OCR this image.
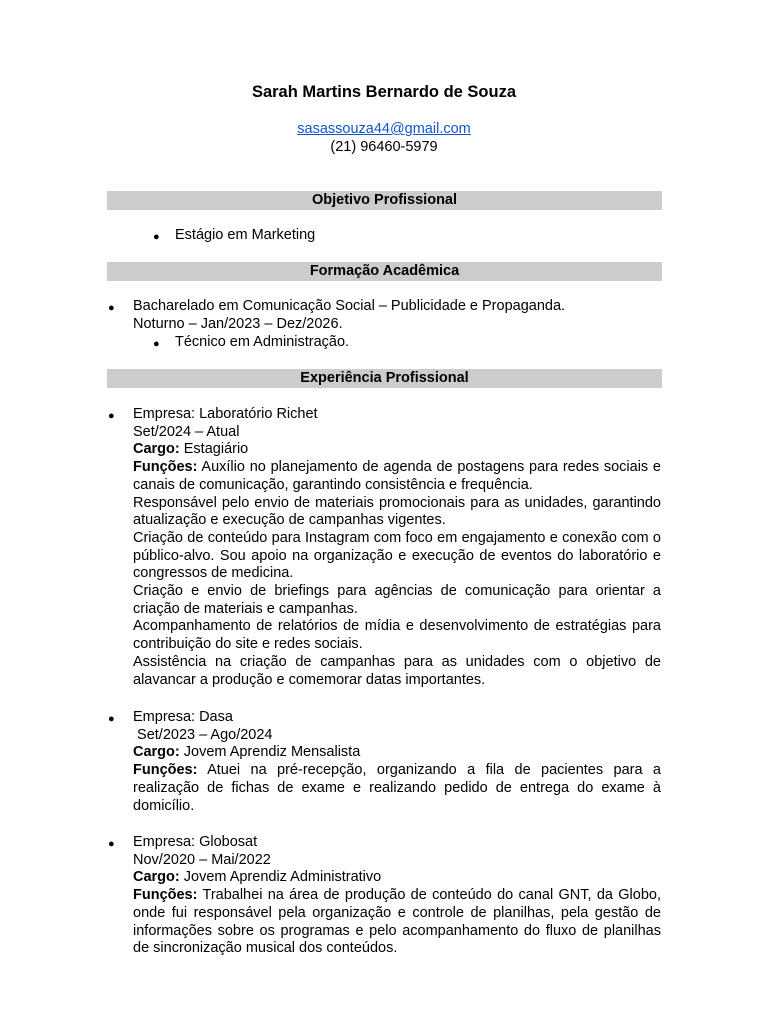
Sarah Martins Bernardo de Souza
sasassouza44@gmail.com
(21) 96460-5979
Objetivo Profissional
● Estágio em Marketing
Formação Acadêmica
● Bacharelado em Comunicação Social – Publicidade e Propaganda.
Noturno – Jan/2023 – Dez/2026.
● Técnico em Administração.
Experiência Profissional
● Empresa: Laboratório Richet
Set/2024 – Atual
Cargo: Estagiário

Funções: Auxílio no planejamento de agenda de postagens para redes sociais e canais de comunicação, garantindo consistência e frequência.

Responsável pelo envio de materiais promocionais para as unidades, garantindo atualização e execução de campanhas vigentes.

Criação de conteúdo para Instagram com foco em engajamento e conexão com o público-alvo. Sou apoio na organização e execução de eventos do laboratório e congressos de medicina.

Criação e envio de briefings para agências de comunicação para orientar a criação de materiais e campanhas.

Acompanhamento de relatórios de mídia e desenvolvimento de estratégias para contribuição do site e redes sociais.

Assistência na criação de campanhas para as unidades com o objetivo de alavancar a produção e comemorar datas importantes.

● Empresa: Dasa
Set/2023 – Ago/2024
Cargo: Jovem Aprendiz Mensalista

Funções: Atuei na pré-recepção, organizando a fila de pacientes para a realização de fichas de exame e realizando pedido de entrega do exame à domicílio.

● Empresa: Globosat
Nov/2020 – Mai/2022
Cargo: Jovem Aprendiz Administrativo

Funções: Trabalhei na área de produção de conteúdo do canal GNT, da Globo, onde fui responsável pela organização e controle de planilhas, pela gestão de informações sobre os programas e pelo acompanhamento do fluxo de planilhas de sincronização musical dos conteúdos.
